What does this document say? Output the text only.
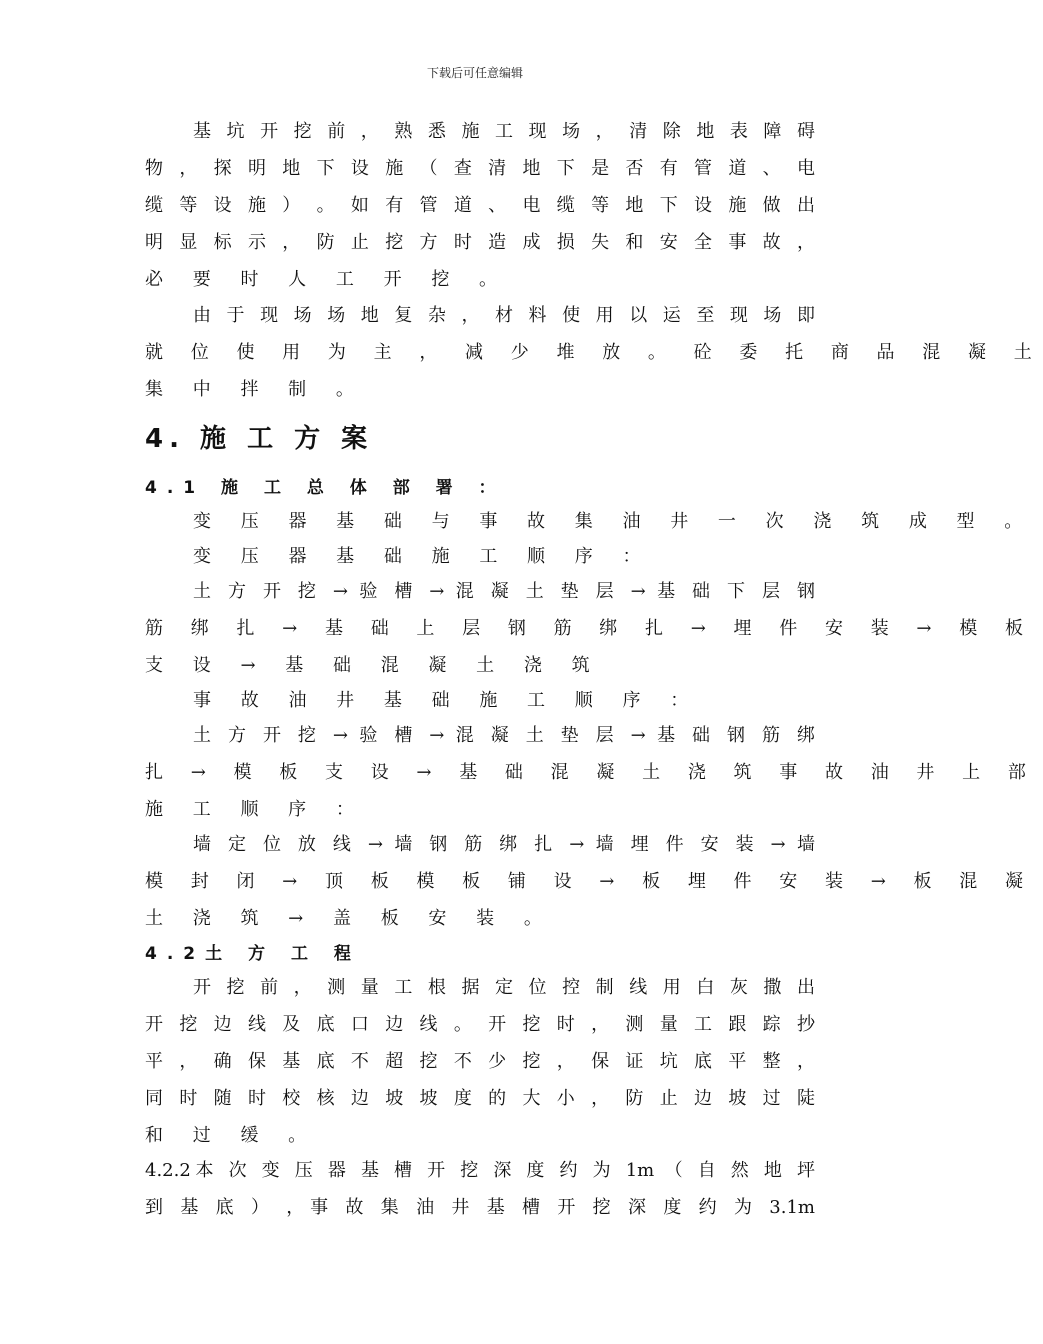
下载后可任意编辑
基 坑 开 挖 前 ， 熟 悉 施 工 现 场 ， 清 除 地 表 障 碍
物 ， 探 明 地 下 设 施 （ 查 清 地 下 是 否 有 管 道 、 电
缆 等 设 施 ） 。 如 有 管 道 、 电 缆 等 地 下 设 施 做 出
明 显 标 示 ， 防 止 挖 方 时 造 成 损 失 和 安 全 事 故 ，
必 要 时 人 工 开 挖 。
由 于 现 场 场 地 复 杂 ， 材 料 使 用 以 运 至 现 场 即
就 位 使 用 为 主 ， 减 少 堆 放 。 砼 委 托 商 品 混 凝 土
集 中 拌 制 。
4. 施 工 方 案
4.1 施 工 总 体 部 署 ：
变 压 器 基 础 与 事 故 集 油 井 一 次 浇 筑 成 型 。
变 压 器 基 础 施 工 顺 序 ：
土 方 开 挖 → 验 槽 → 混 凝 土 垫 层 → 基 础 下 层 钢
筋 绑 扎 → 基 础 上 层 钢 筋 绑 扎 → 埋 件 安 装 → 模 板
支 设 → 基 础 混 凝 土 浇 筑
事 故 油 井 基 础 施 工 顺 序 ：
土 方 开 挖 → 验 槽 → 混 凝 土 垫 层 → 基 础 钢 筋 绑
扎 → 模 板 支 设 → 基 础 混 凝 土 浇 筑 事 故 油 井 上 部
施 工 顺 序 ：
墙 定 位 放 线 → 墙 钢 筋 绑 扎 → 墙 埋 件 安 装 → 墙
模 封 闭 → 顶 板 模 板 铺 设 → 板 埋 件 安 装 → 板 混 凝
土 浇 筑 → 盖 板 安 装 。
4.2土 方 工 程
开 挖 前 ， 测 量 工 根 据 定 位 控 制 线 用 白 灰 撒 出
开 挖 边 线 及 底 口 边 线 。 开 挖 时 ， 测 量 工 跟 踪 抄
平 ， 确 保 基 底 不 超 挖 不 少 挖 ， 保 证 坑 底 平 整 ，
同 时 随 时 校 核 边 坡 坡 度 的 大 小 ， 防 止 边 坡 过 陡
和 过 缓 。
4.2.2本 次 变 压 器 基 槽 开 挖 深 度 约 为 1m （ 自 然 地 坪
到 基 底 ） ，事 故 集 油 井 基 槽 开 挖 深 度 约 为 3.1m
